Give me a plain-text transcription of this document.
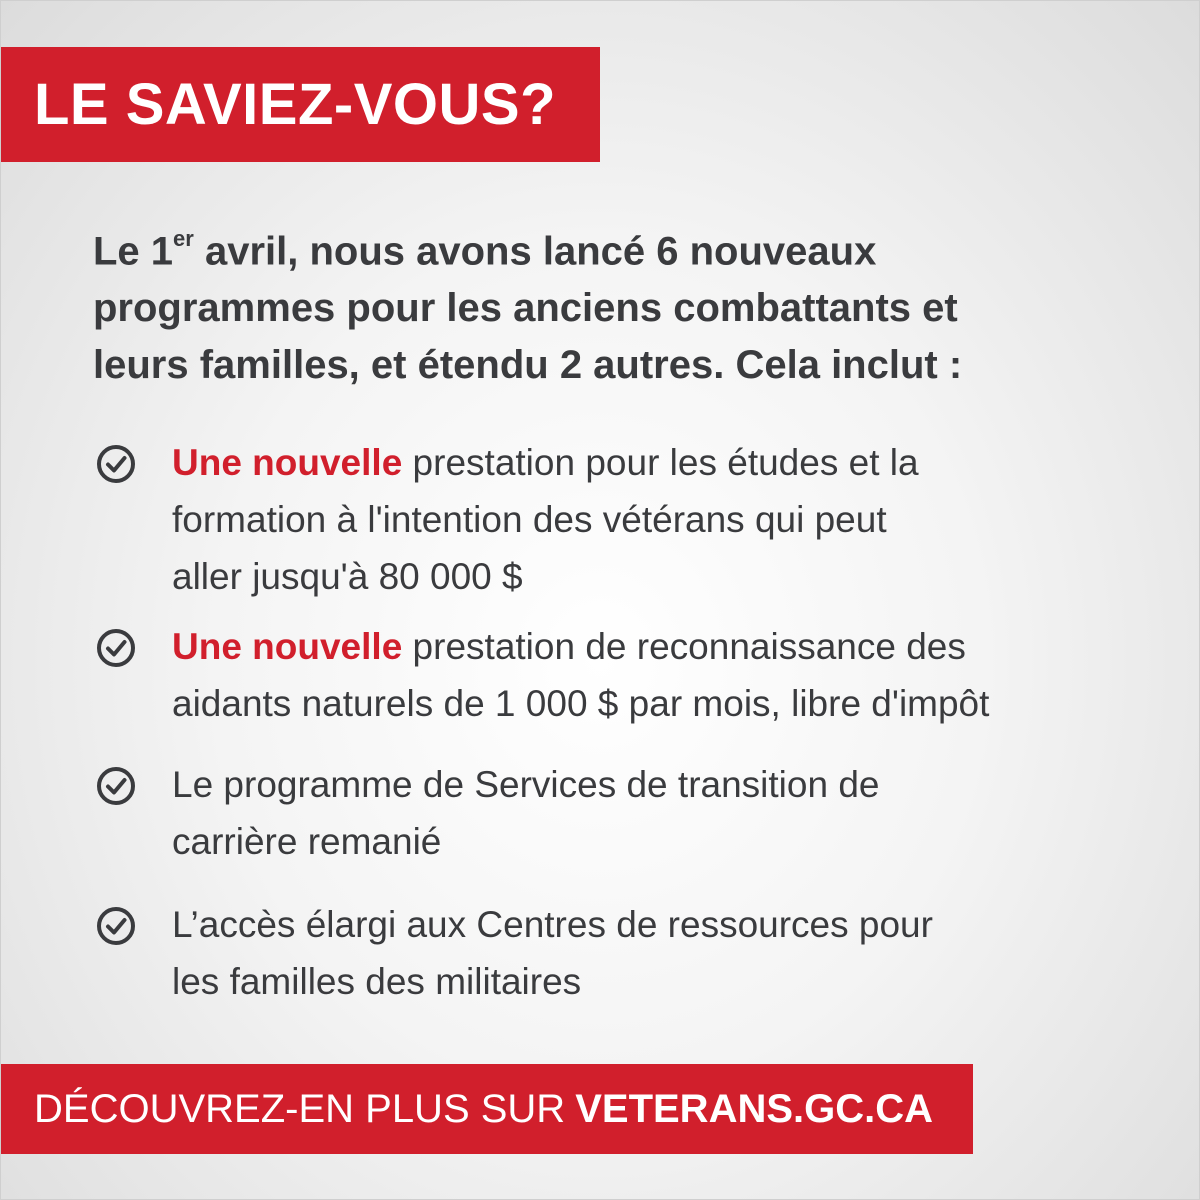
LE SAVIEZ-VOUS?
Le 1er avril, nous avons lancé 6 nouveaux
programmes pour les anciens combattants et
leurs familles, et étendu 2 autres. Cela inclut :
Une nouvelle prestation pour les études et la
formation à l'intention des vétérans qui peut
aller jusqu'à 80 000 $
Une nouvelle prestation de reconnaissance des
aidants naturels de 1 000 $ par mois, libre d'impôt
Le programme de Services de transition de
carrière remanié
L’accès élargi aux Centres de ressources pour
les familles des militaires
DÉCOUVREZ-EN PLUS SUR VETERANS.GC.CA
